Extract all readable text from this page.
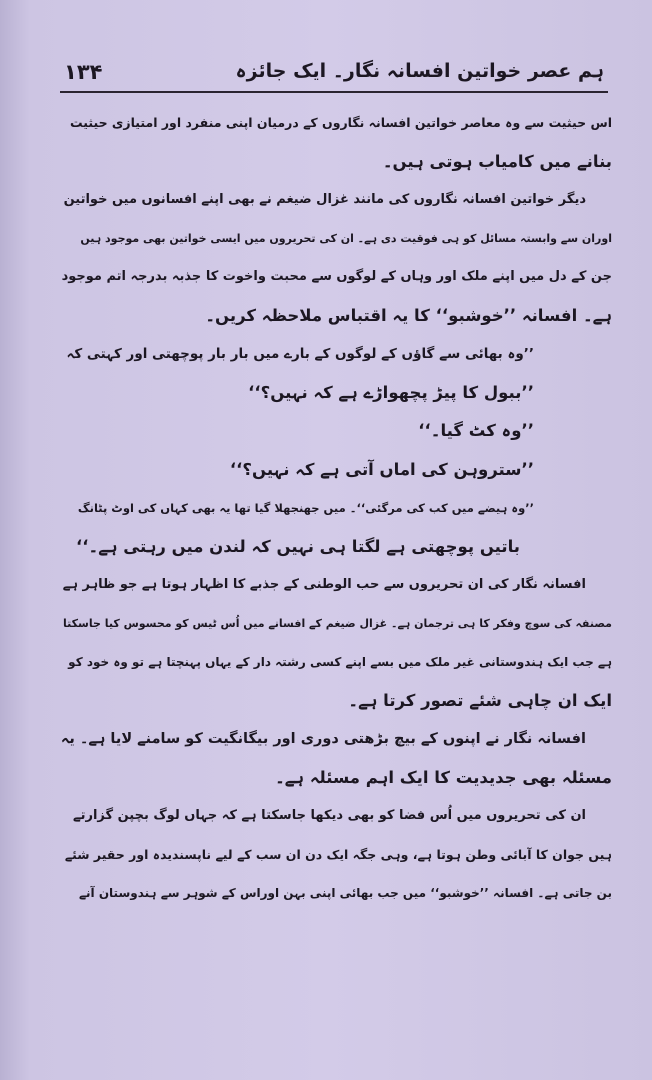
۱۳۴	ہم عصر خواتین افسانہ نگار۔ ایک جائزہ
اس حیثیت سے وہ معاصر خواتین افسانہ نگاروں کے درمیان اپنی منفرد اور امتیازی حیثیت
بنانے میں کامیاب ہوتی ہیں۔
دیگر خواتین افسانہ نگاروں کی مانند غزال ضیغم نے بھی اپنے افسانوں میں خواتین
اوران سے وابستہ مسائل کو ہی فوقیت دی ہے۔ ان کی تحریروں میں ایسی خواتین بھی موجود ہیں
جن کے دل میں اپنے ملک اور وہاں کے لوگوں سے محبت واخوت کا جذبہ بدرجہ اتم موجود
ہے۔ افسانہ ’’خوشبو‘‘ کا یہ اقتباس ملاحظہ کریں۔
’’وہ بھائی سے گاؤں کے لوگوں کے بارے میں بار بار پوچھتی اور کہتی کہ
’’ببول کا پیڑ پچھواڑے ہے کہ نہیں؟‘‘
’’وہ کٹ گیا۔‘‘
’’ستروہن کی اماں آتی ہے کہ نہیں؟‘‘
’’وہ ہیضے میں کب کی مرگئی‘‘۔ میں جھنجھلا گیا تھا یہ بھی کہاں کی اوٹ پٹانگ
باتیں پوچھتی ہے لگتا ہی نہیں کہ لندن میں رہتی ہے۔‘‘
افسانہ نگار کی ان تحریروں سے حب الوطنی کے جذبے کا اظہار ہوتا ہے جو ظاہر ہے
مصنفہ کی سوچ وفکر کا ہی ترجمان ہے۔ غزال ضیغم کے افسانے میں اُس ٹیس کو محسوس کیا جاسکتا
ہے جب ایک ہندوستانی غیر ملک میں بسے اپنے کسی رشتہ دار کے یہاں پہنچتا ہے تو وہ خود کو
ایک ان چاہی شئے تصور کرتا ہے۔
افسانہ نگار نے اپنوں کے بیچ بڑھتی دوری اور بیگانگیت کو سامنے لایا ہے۔ یہ
مسئلہ بھی جدیدیت کا ایک اہم مسئلہ ہے۔
ان کی تحریروں میں اُس فضا کو بھی دیکھا جاسکتا ہے کہ جہاں لوگ بچپن گزارتے
ہیں جوان کا آبائی وطن ہوتا ہے، وہی جگہ ایک دن ان سب کے لیے ناپسندیدہ اور حقیر شئے
بن جاتی ہے۔ افسانہ ’’خوشبو‘‘ میں جب بھائی اپنی بہن اوراس کے شوہر سے ہندوستان آنے
